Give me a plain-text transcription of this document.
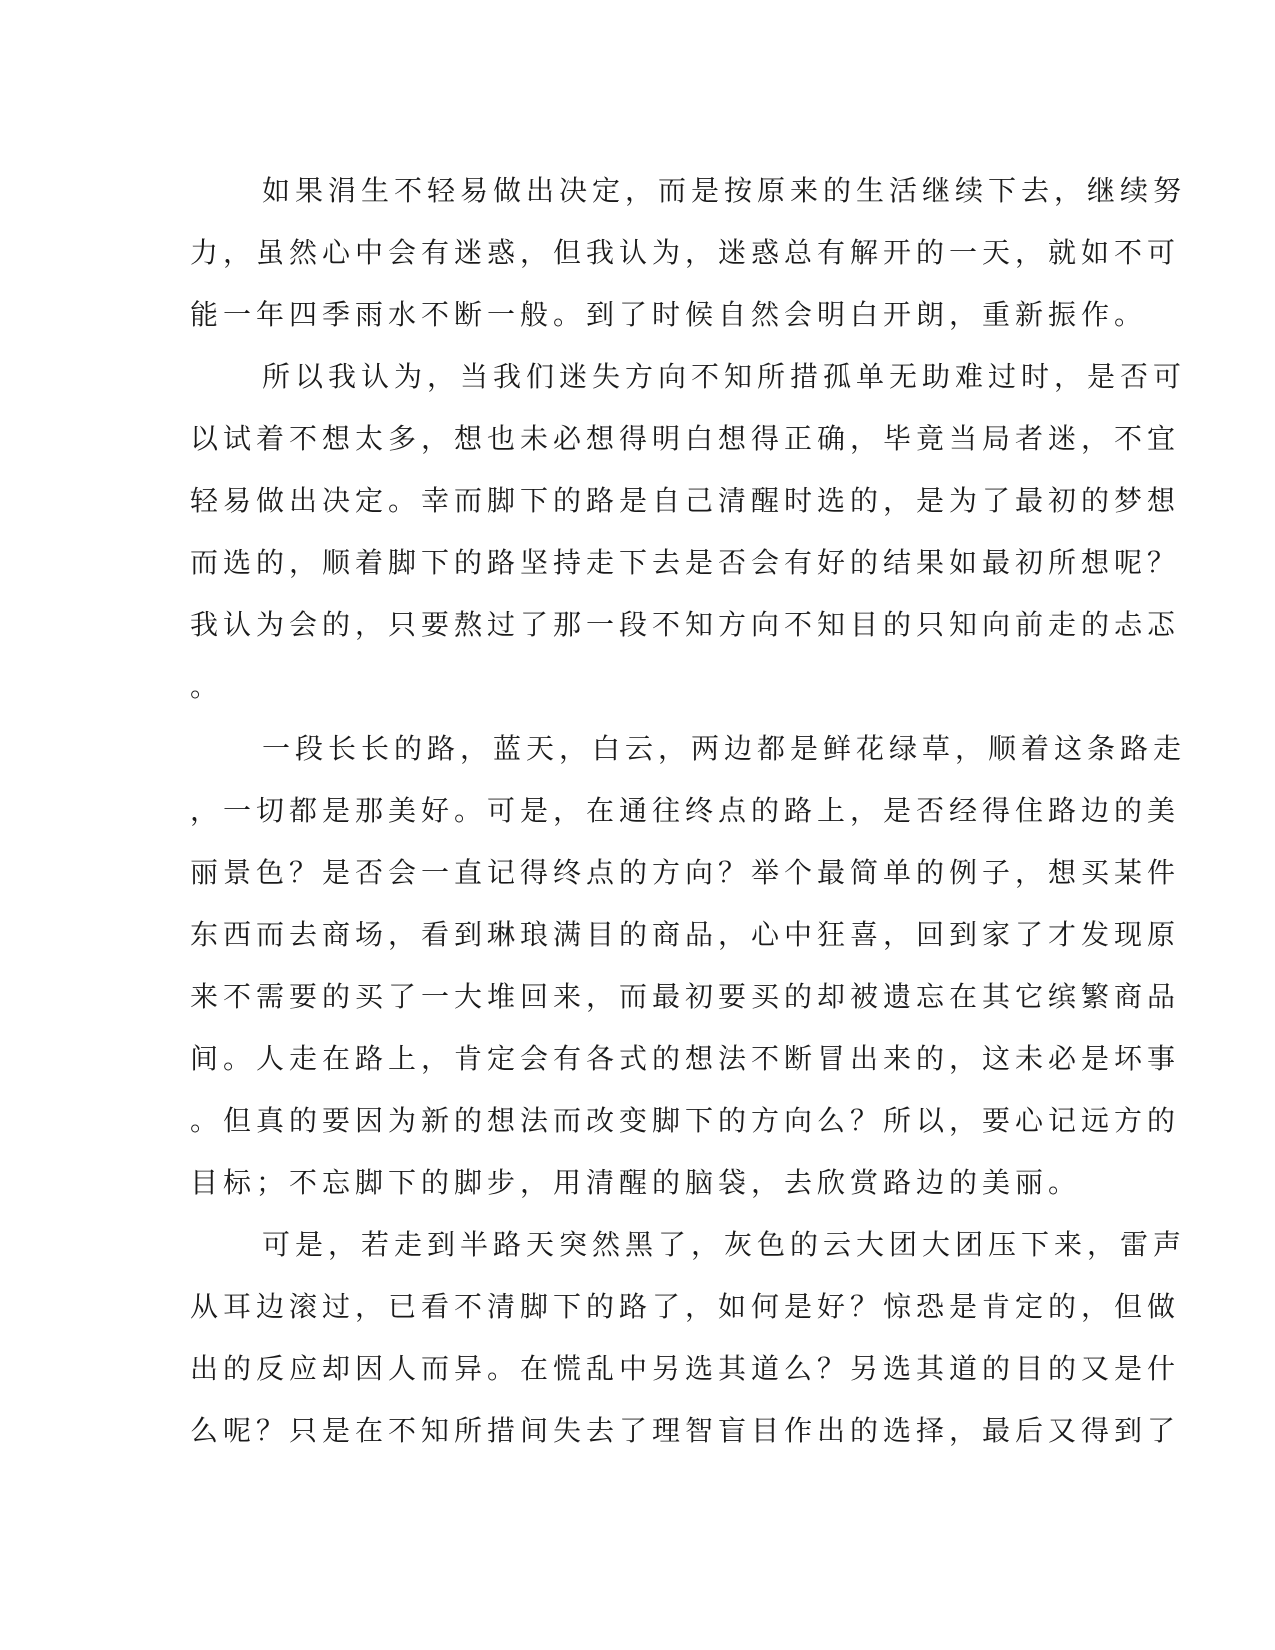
如果涓生不轻易做出决定，而是按原来的生活继续下去，继续努
力，虽然心中会有迷惑，但我认为，迷惑总有解开的一天，就如不可
能一年四季雨水不断一般。到了时候自然会明白开朗，重新振作。
所以我认为，当我们迷失方向不知所措孤单无助难过时，是否可
以试着不想太多，想也未必想得明白想得正确，毕竟当局者迷，不宜
轻易做出决定。幸而脚下的路是自己清醒时选的，是为了最初的梦想
而选的，顺着脚下的路坚持走下去是否会有好的结果如最初所想呢？
我认为会的，只要熬过了那一段不知方向不知目的只知向前走的忐忑
。
一段长长的路，蓝天，白云，两边都是鲜花绿草，顺着这条路走
，一切都是那美好。可是，在通往终点的路上，是否经得住路边的美
丽景色？是否会一直记得终点的方向？举个最简单的例子，想买某件
东西而去商场，看到琳琅满目的商品，心中狂喜，回到家了才发现原
来不需要的买了一大堆回来，而最初要买的却被遗忘在其它缤繁商品
间。人走在路上，肯定会有各式的想法不断冒出来的，这未必是坏事
。但真的要因为新的想法而改变脚下的方向么？所以，要心记远方的
目标；不忘脚下的脚步，用清醒的脑袋，去欣赏路边的美丽。
可是，若走到半路天突然黑了，灰色的云大团大团压下来，雷声
从耳边滚过，已看不清脚下的路了，如何是好？惊恐是肯定的，但做
出的反应却因人而异。在慌乱中另选其道么？另选其道的目的又是什
么呢？只是在不知所措间失去了理智盲目作出的选择，最后又得到了
